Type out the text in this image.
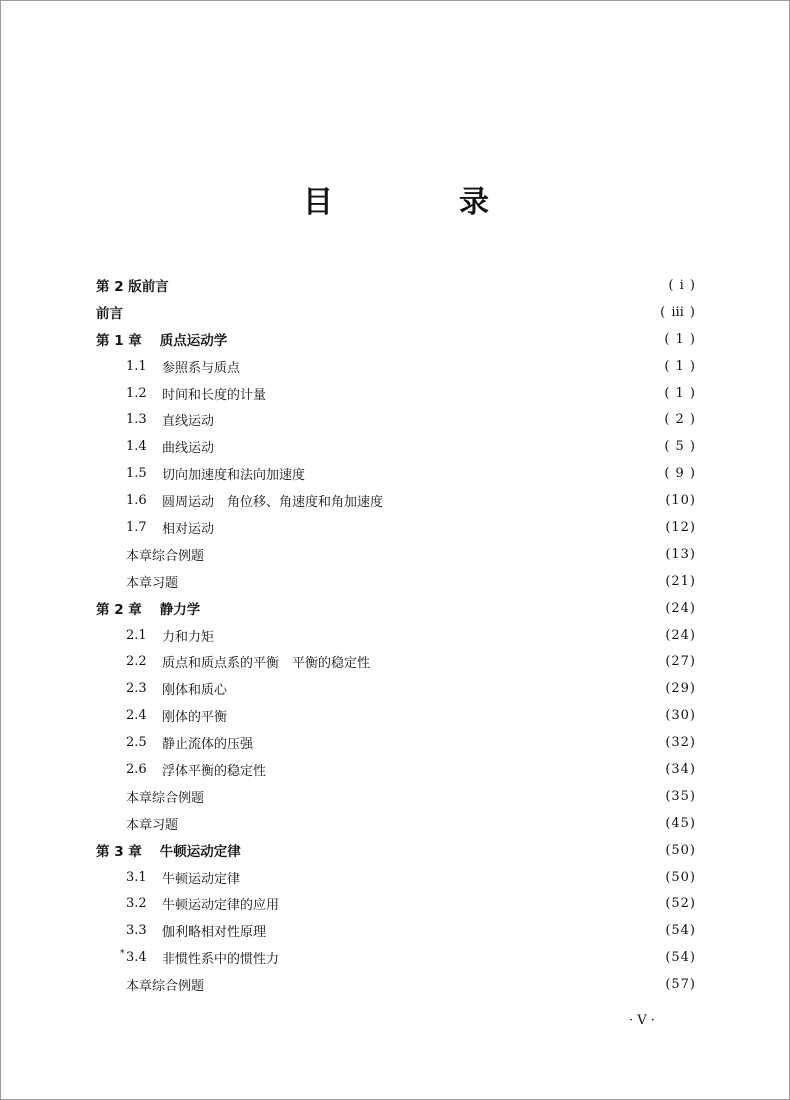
目　录
第 2 版前言	( ⅰ )
前言	( ⅲ )
第 1 章 质点运动学	( 1 )
1.1	参照系与质点	( 1 )
1.2	时间和长度的计量	( 1 )
1.3	直线运动	( 2 )
1.4	曲线运动	( 5 )
1.5	切向加速度和法向加速度	( 9 )
1.6	圆周运动　角位移、角速度和角加速度	(10)
1.7	相对运动	(12)
本章综合例题	(13)
本章习题	(21)
第 2 章 静力学	(24)
2.1	力和力矩	(24)
2.2	质点和质点系的平衡　平衡的稳定性	(27)
2.3	刚体和质心	(29)
2.4	刚体的平衡	(30)
2.5	静止流体的压强	(32)
2.6	浮体平衡的稳定性	(34)
本章综合例题	(35)
本章习题	(45)
第 3 章 牛顿运动定律	(50)
3.1	牛顿运动定律	(50)
3.2	牛顿运动定律的应用	(52)
3.3	伽利略相对性原理	(54)
* 3.4	非惯性系中的惯性力	(54)
本章综合例题	(57)
· Ⅴ ·
